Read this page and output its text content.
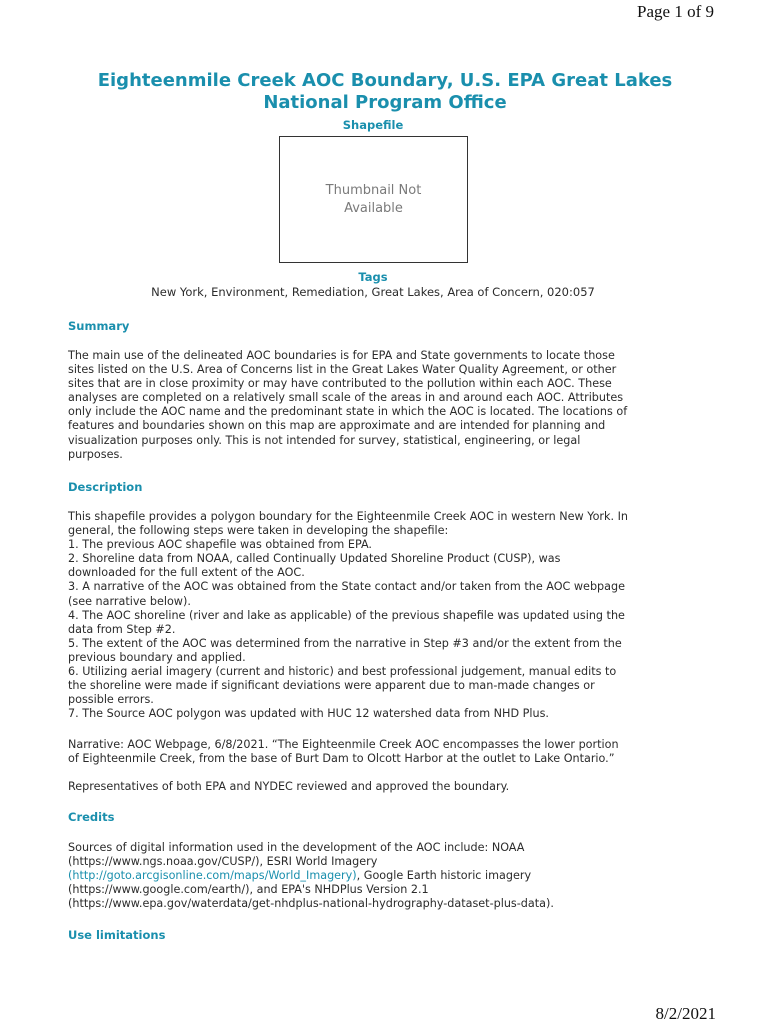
Page 1 of 9
Eighteenmile Creek AOC Boundary, U.S. EPA Great Lakes
National Program Office
Shapefile
Thumbnail Not
Available
Tags
New York, Environment, Remediation, Great Lakes, Area of Concern, 020:057
Summary
The main use of the delineated AOC boundaries is for EPA and State governments to locate those
sites listed on the U.S. Area of Concerns list in the Great Lakes Water Quality Agreement, or other
sites that are in close proximity or may have contributed to the pollution within each AOC. These
analyses are completed on a relatively small scale of the areas in and around each AOC. Attributes
only include the AOC name and the predominant state in which the AOC is located. The locations of
features and boundaries shown on this map are approximate and are intended for planning and
visualization purposes only. This is not intended for survey, statistical, engineering, or legal
purposes.
Description
This shapefile provides a polygon boundary for the Eighteenmile Creek AOC in western New York. In
general, the following steps were taken in developing the shapefile:
1. The previous AOC shapefile was obtained from EPA.
2. Shoreline data from NOAA, called Continually Updated Shoreline Product (CUSP), was
downloaded for the full extent of the AOC.
3. A narrative of the AOC was obtained from the State contact and/or taken from the AOC webpage
(see narrative below).
4. The AOC shoreline (river and lake as applicable) of the previous shapefile was updated using the
data from Step #2.
5. The extent of the AOC was determined from the narrative in Step #3 and/or the extent from the
previous boundary and applied.
6. Utilizing aerial imagery (current and historic) and best professional judgement, manual edits to
the shoreline were made if significant deviations were apparent due to man-made changes or
possible errors.
7. The Source AOC polygon was updated with HUC 12 watershed data from NHD Plus.
Narrative: AOC Webpage, 6/8/2021. “The Eighteenmile Creek AOC encompasses the lower portion
of Eighteenmile Creek, from the base of Burt Dam to Olcott Harbor at the outlet to Lake Ontario.”
Representatives of both EPA and NYDEC reviewed and approved the boundary.
Credits
Sources of digital information used in the development of the AOC include: NOAA
(https://www.ngs.noaa.gov/CUSP/), ESRI World Imagery
(http://goto.arcgisonline.com/maps/World_Imagery), Google Earth historic imagery
(https://www.google.com/earth/), and EPA's NHDPlus Version 2.1
(https://www.epa.gov/waterdata/get-nhdplus-national-hydrography-dataset-plus-data).
Use limitations
8/2/2021
